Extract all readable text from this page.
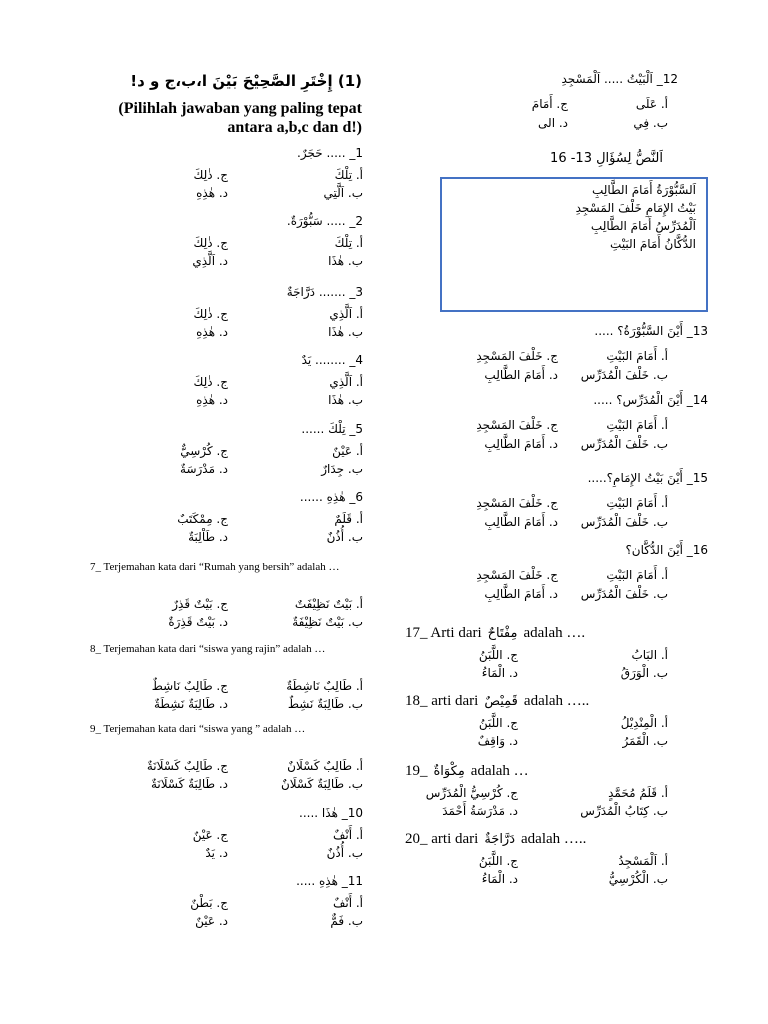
(1) إِخْتَرِ الصَّحِيْحَ بَيْنَ ا،ب،ج و د!
(Pilihlah jawaban yang paling tepat antara a,b,c dan d!)
1_ ..... حَجَرٌ.
أ. تِلْكَ
ب. اَلَّتِي
ج. ذٰلِكَ
د. هٰذِهِ
2_ ..... سَبُّوْرَةٌ.
أ. تِلْكَ
ب. هٰذَا
ج. ذٰلِكَ
د. اَلَّذِي
3_ ....... دَرَّاجَةٌ
أ. اَلَّذِي
ب. هٰذَا
ج. ذٰلِكَ
د. هٰذِهِ
4_ ........ يَدٌ
أ. اَلَّذِي
ب. هٰذَا
ج. ذٰلِكَ
د. هٰذِهِ
5_ تِلْكَ ......
أ. عَيْنٌ
ب. جِدَارٌ
ج. كُرْسِيٌّ
د. مَدْرَسَةٌ
6_ هٰذِهِ ......
أ. قَلَمٌ
ب. أُذُنٌ
ج. مِمْكَتَبٌ
د. طَاْلِبَةٌ
7_ Terjemahan kata dari “Rumah yang bersih” adalah …
أ. بَيْتٌ نَظِيْفَتٌ
ب. بَيْتٌ نَظِيْفَةٌ
ج. بَيْتٌ قَذِرٌ
د. بَيْتٌ قَذِرَةٌ
8_ Terjemahan kata dari “siswa yang rajin” adalah …
أ. طَالِبٌ نَاشِطَةٌ
ب. طَالِبَةٌ نَشِطٌ
ج. طَالِبٌ نَاشِطٌ
د. طَالِبَةٌ نَشِطَةٌ
9_ Terjemahan kata dari “siswa yang ” adalah …
أ. طَالِبٌ كَسْلَانٌ
ب. طَالِبَةٌ كَسْلَانٌ
ج. طَالِبٌ كَسْلَانَةٌ
د. طَالِبَةٌ كَسْلَانَةٌ
10_ هٰذَا .....
أ. أَنْفٌ
ب. أُذُنٌ
ج. عَيْنٌ
د. يَدٌ
11_ هٰذِهِ .....
أ. أَنْفٌ
ب. فَمٌّ
ج. بَطْنٌ
د. عَيْنٌ
12_ اَلْبَيْتُ ..... اَلْمَسْجِدِ
أ. عَلَى
ب. فِي
ج. أَمَامَ
د. الى
اَلنَّصُّ لِسُؤَالِ 13- 16
اَلسَّبُّوْرَةُ أَمَامَ الطَّالِبِ
بَيْتُ الإِمَامِ خَلْفَ المَسْجِدِ
اَلْمُدَرِّسُ أَمَامَ الطَّالِبِ
الدُّكَّانُ أَمَامَ البَيْتِ
13_ أَيْنَ السَّبُّوْرَةُ؟ .....
أ. أَمَامَ البَيْتِ
ب. خَلْفَ الْمُدَرِّس
ج. خَلْفَ المَسْجِدِ
د. أَمَامَ الطَّالِبِ
14_ أَيْنَ الْمُدَرِّس؟ .....
أ. أَمَامَ البَيْتِ
ب. خَلْفَ الْمُدَرِّس
ج. خَلْفَ المَسْجِدِ
د. أَمَامَ الطَّالِبِ
15_ أَيْنَ بَيْتُ الإِمَامِ؟.....
أ. أَمَامَ البَيْتِ
ب. خَلْفَ الْمُدَرِّس
ج. خَلْفَ المَسْجِدِ
د. أَمَامَ الطَّالِبِ
16_ أَيْنَ الدُّكَّان؟
أ. أَمَامَ البَيْتِ
ب. خَلْفَ الْمُدَرِّس
ج. خَلْفَ المَسْجِدِ
د. أَمَامَ الطَّالِبِ
17_ Arti dari مِفْتَاحٌ adalah ….
أ. البَابُ
ب. الْوَرَقُ
ج. اللَّبَنُ
د. الْمَاءُ
18_ arti dari قَمِيْصٌ adalah …..
أ. الْمِنْدِيْلُ
ب. الْقَمَرُ
ج. اللَّبَنُ
د. وَاقِفٌ
19_ مِكْوَاةٌ adalah …
أ. قَلَمُ مُحَمَّدٍ
ب. كِتَابُ الْمُدَرِّس
ج. كُرْسِيُّ الْمُدَرِّس
د. مَدْرَسَةُ أَحْمَدَ
20_ arti dari دَرَّاجَةٌ adalah …..
أ. اَلْمَسْجِدُ
ب. الْكُرْسِيُّ
ج. اللَّبَنُ
د. الْمَاءُ
